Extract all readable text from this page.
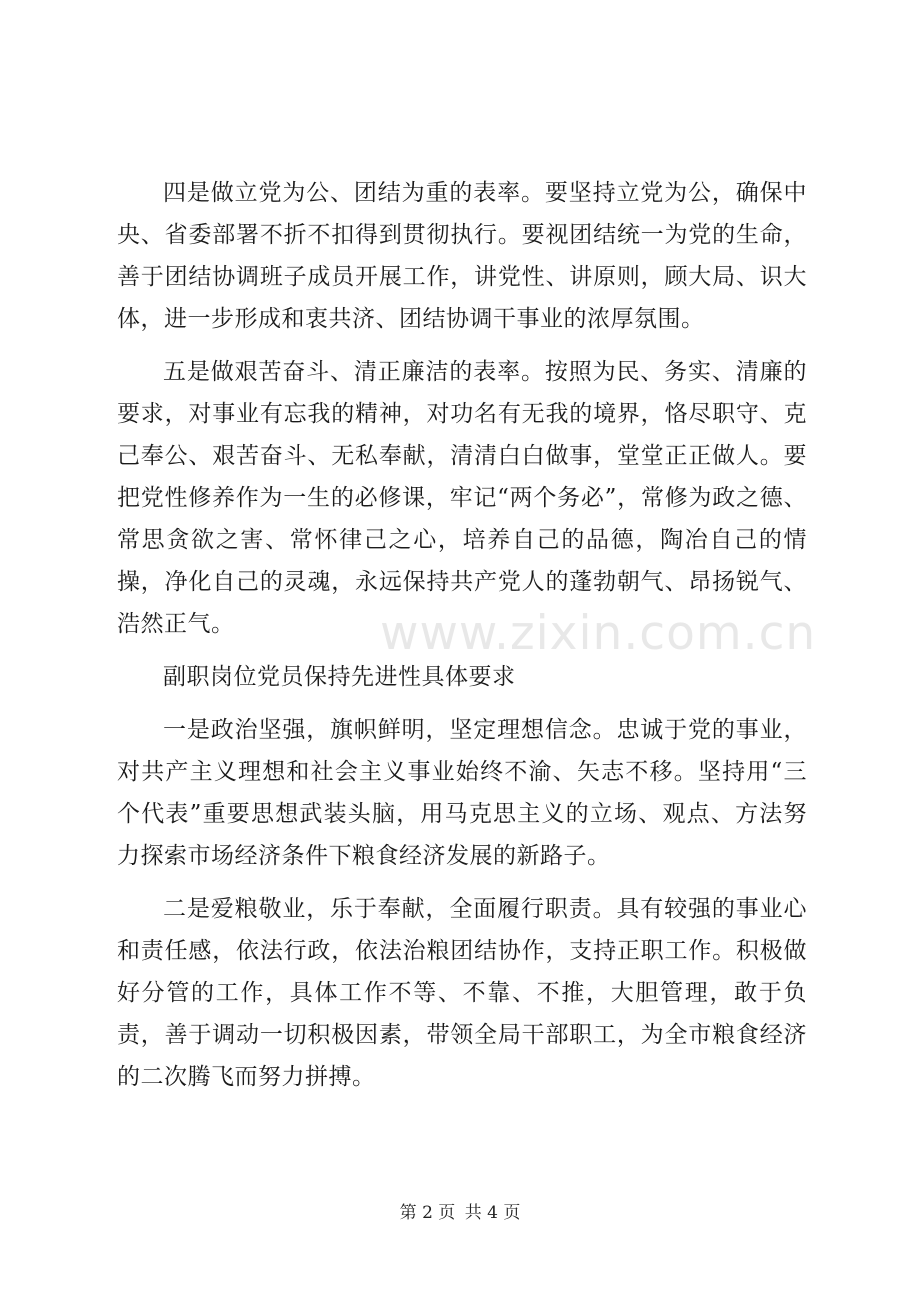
四是做立党为公、团结为重的表率。要坚持立党为公，确保中央、省委部署不折不扣得到贯彻执行。要视团结统一为党的生命，善于团结协调班子成员开展工作，讲党性、讲原则，顾大局、识大体，进一步形成和衷共济、团结协调干事业的浓厚氛围。

五是做艰苦奋斗、清正廉洁的表率。按照为民、务实、清廉的要求，对事业有忘我的精神，对功名有无我的境界，恪尽职守、克己奉公、艰苦奋斗、无私奉献，清清白白做事，堂堂正正做人。要把党性修养作为一生的必修课，牢记“两个务必”，常修为政之德、常思贪欲之害、常怀律己之心，培养自己的品德，陶冶自己的情操，净化自己的灵魂，永远保持共产党人的蓬勃朝气、昂扬锐气、浩然正气。

副职岗位党员保持先进性具体要求

一是政治坚强，旗帜鲜明，坚定理想信念。忠诚于党的事业，对共产主义理想和社会主义事业始终不渝、矢志不移。坚持用“三个代表”重要思想武装头脑，用马克思主义的立场、观点、方法努力探索市场经济条件下粮食经济发展的新路子。

二是爱粮敬业，乐于奉献，全面履行职责。具有较强的事业心和责任感，依法行政，依法治粮团结协作，支持正职工作。积极做好分管的工作，具体工作不等、不靠、不推，大胆管理，敢于负责，善于调动一切积极因素，带领全局干部职工，为全市粮食经济的二次腾飞而努力拼搏。

www.zixin.com.cn
第 2 页 共 4 页
